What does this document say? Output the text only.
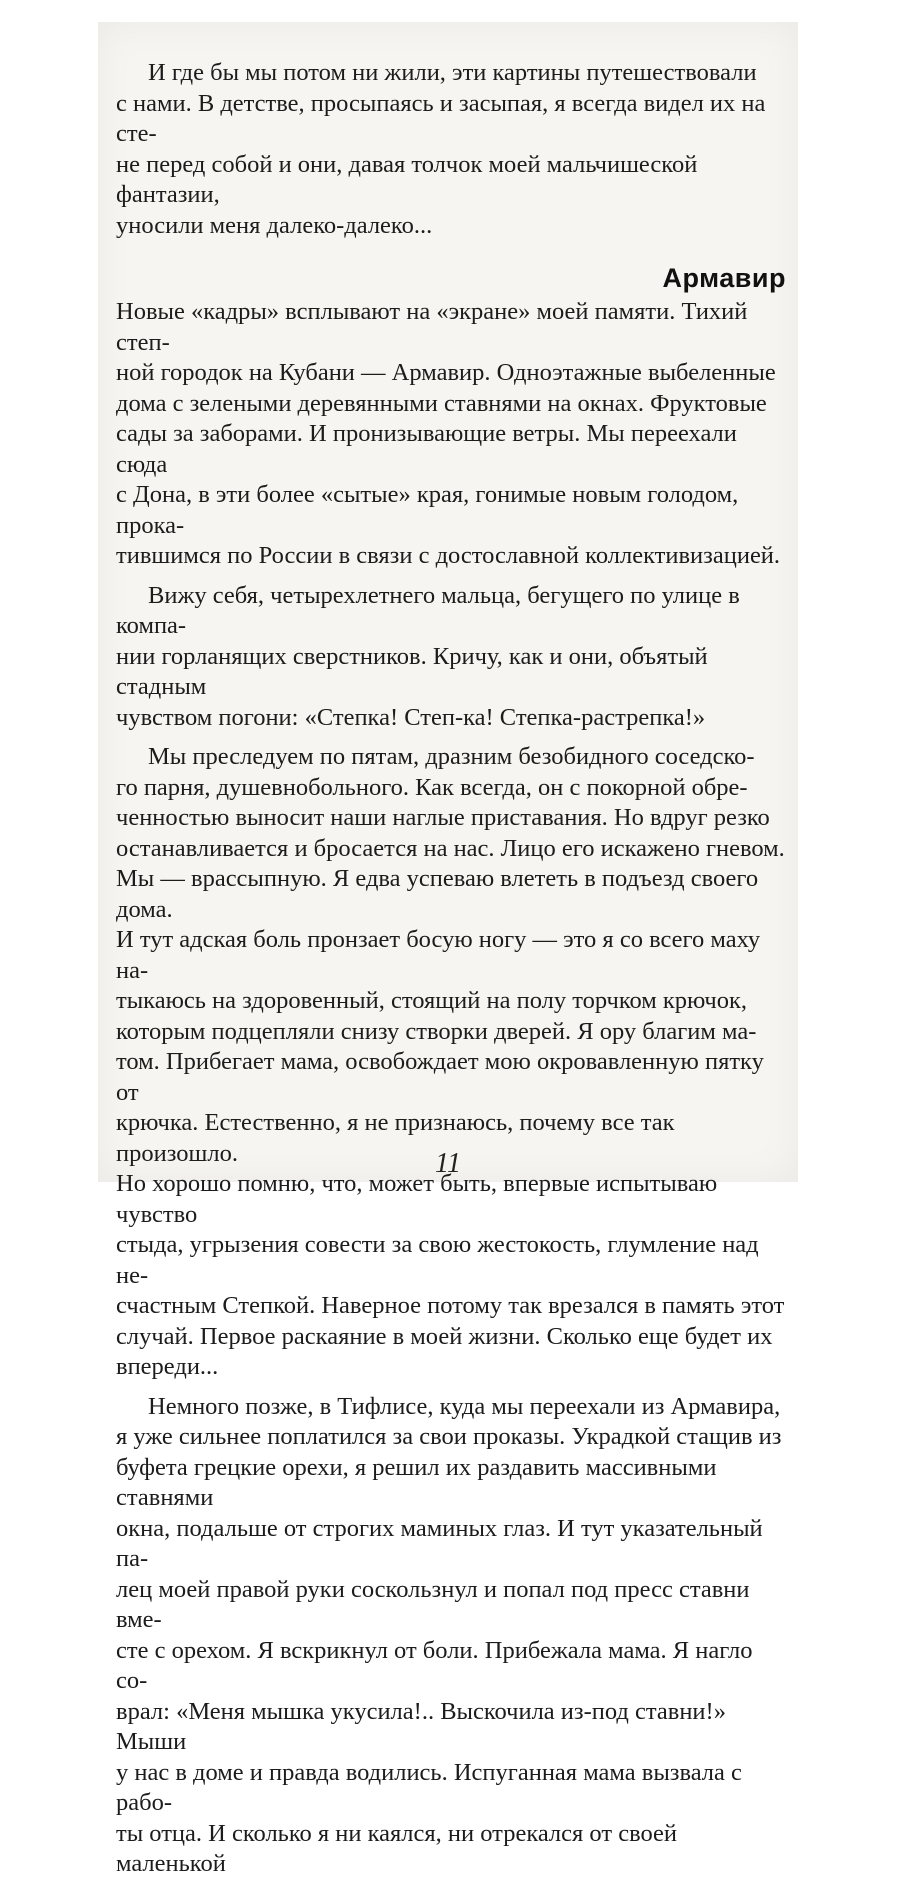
И где бы мы потом ни жили, эти картины путешествовали
с нами. В детстве, просыпаясь и засыпая, я всегда видел их на сте-
не перед собой и они, давая толчок моей мальчишеской фантазии,
уносили меня далеко-далеко...

Армавир

Новые «кадры» всплывают на «экране» моей памяти. Тихий степ-
ной городок на Кубани — Армавир. Одноэтажные выбеленные
дома с зелеными деревянными ставнями на окнах. Фруктовые
сады за заборами. И пронизывающие ветры. Мы переехали сюда
с Дона, в эти более «сытые» края, гонимые новым голодом, прока-
тившимся по России в связи с достославной коллективизацией.

Вижу себя, четырехлетнего мальца, бегущего по улице в компа-
нии горланящих сверстников. Кричу, как и они, объятый стадным
чувством погони: «Степка! Степ-ка! Степка-растрепка!»

Мы преследуем по пятам, дразним безобидного соседско-
го парня, душевнобольного. Как всегда, он с покорной обре-
ченностью выносит наши наглые приставания. Но вдруг резко
останавливается и бросается на нас. Лицо его искажено гневом.
Мы — врассыпную. Я едва успеваю влететь в подъезд своего дома.
И тут адская боль пронзает босую ногу — это я со всего маху на-
тыкаюсь на здоровенный, стоящий на полу торчком крючок,
которым подцепляли снизу створки дверей. Я ору благим ма-
том. Прибегает мама, освобождает мою окровавленную пятку от
крючка. Естественно, я не признаюсь, почему все так произошло.
Но хорошо помню, что, может быть, впервые испытываю чувство
стыда, угрызения совести за свою жестокость, глумление над не-
счастным Степкой. Наверное потому так врезался в память этот
случай. Первое раскаяние в моей жизни. Сколько еще будет их
впереди...

Немного позже, в Тифлисе, куда мы переехали из Армавира,
я уже сильнее поплатился за свои проказы. Украдкой стащив из
буфета грецкие орехи, я решил их раздавить массивными ставнями
окна, подальше от строгих маминых глаз. И тут указательный па-
лец моей правой руки соскользнул и попал под пресс ставни вме-
сте с орехом. Я вскрикнул от боли. Прибежала мама. Я нагло со-
врал: «Меня мышка укусила!.. Выскочила из-под ставни!» Мыши
у нас в доме и правда водились. Испуганная мама вызвала с рабо-
ты отца. И сколько я ни каялся, ни отрекался от своей маленькой

11
